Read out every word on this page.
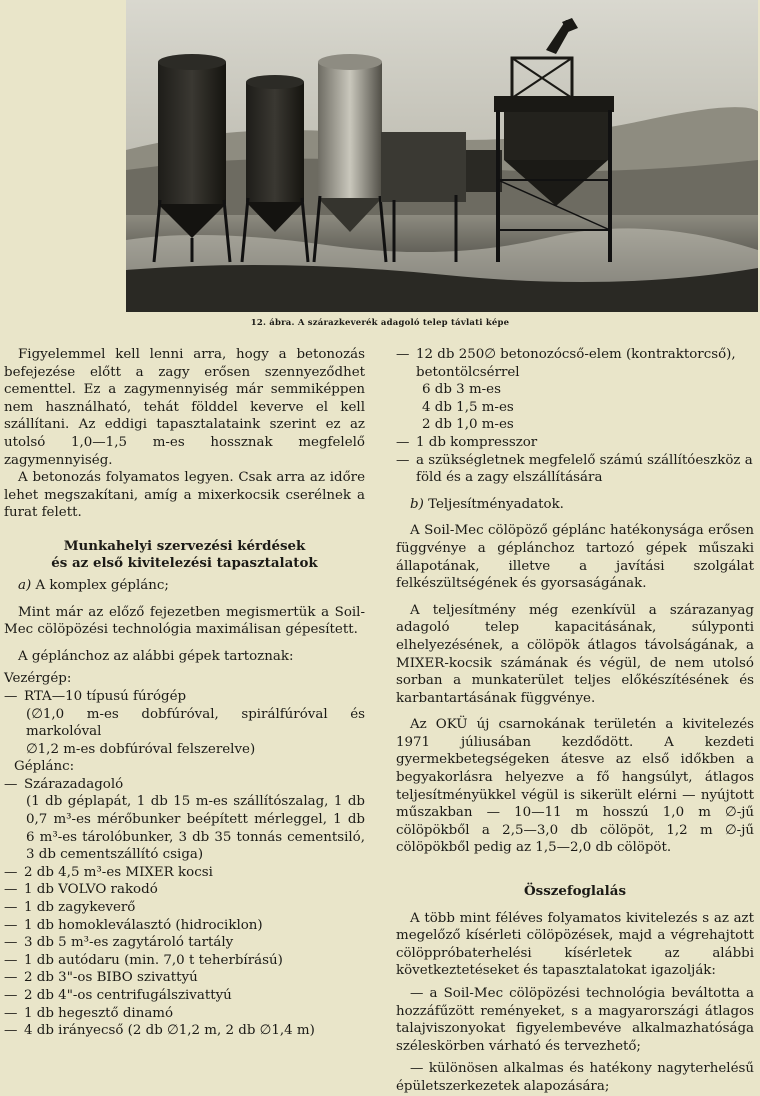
12. ábra. A szárazkeverék adagoló telep távlati képe

Figyelemmel kell lenni arra, hogy a betonozás befejezése előtt a zagy erősen szennyeződhet cementtel. Ez a zagymennyiség már semmiképpen nem használható, tehát földdel keverve el kell szállítani. Az eddigi tapasztalataink szerint ez az utolsó 1,0—1,5 m-es hossznak megfelelő zagymennyiség.

A betonozás folyamatos legyen. Csak arra az időre lehet megszakítani, amíg a mixerkocsik cserélnek a furat felett.

Munkahelyi szervezési kérdések
és az első kivitelezési tapasztalatok

a) A komplex géplánc;

Mint már az előző fejezetben megismertük a Soil-Mec cölöpözési technológia maximálisan gépesített.

A géplánchoz az alábbi gépek tartoznak:

Vezérgép:

— RTA—10 típusú fúrógép
(∅1,0 m-es dobfúróval, spirálfúróval és markolóval
∅1,2 m-es dobfúróval felszerelve)

Géplánc:

— Szárazadagoló
(1 db géplapát, 1 db 15 m-es szállítószalag, 1 db 0,7 m³-es mérőbunker beépített mérleggel, 1 db 6 m³-es tárolóbunker, 3 db 35 tonnás cementsiló, 3 db cementszállító csiga)
— 2 db 4,5 m³-es MIXER kocsi
— 1 db VOLVO rakodó
— 1 db zagykeverő
— 1 db homokleválasztó (hidrociklon)
— 3 db 5 m³-es zagytároló tartály
— 1 db autódaru (min. 7,0 t teherbírású)
— 2 db 3"-os BIBO szivattyú
— 2 db 4"-os centrifugálszivattyú
— 1 db hegesztő dinamó
— 4 db irányecső (2 db ∅1,2 m, 2 db ∅1,4 m)
— 12 db 250∅ betonozócső-elem (kontraktorcső), betontölcsérrel
6 db 3 m-es
4 db 1,5 m-es
2 db 1,0 m-es
— 1 db kompresszor
— a szükségletnek megfelelő számú szállítóeszköz a föld és a zagy elszállítására

b) Teljesítményadatok.

A Soil-Mec cölöpöző géplánc hatékonysága erősen függvénye a géplánchoz tartozó gépek műszaki állapotának, illetve a javítási szolgálat felkészültségének és gyorsaságának.

A teljesítmény még ezenkívül a szárazanyag adagoló telep kapacitásának, súlyponti elhelyezésének, a cölöpök átlagos távolságának, a MIXER-kocsik számának és végül, de nem utolsó sorban a munkaterület teljes előkészítésének és karbantartásának függvénye.

Az OKÜ új csarnokának területén a kivitelezés 1971 júliusában kezdődött. A kezdeti gyermekbetegségeken átesve az első időkben a begyakorlásra helyezve a fő hangsúlyt, átlagos teljesítményükkel végül is sikerült elérni — nyújtott műszakban — 10—11 m hosszú 1,0 m ∅-jű cölöpökből a 2,5—3,0 db cölöpöt, 1,2 m ∅-jű cölöpökből pedig az 1,5—2,0 db cölöpöt.

Összefoglalás

A több mint féléves folyamatos kivitelezés s az azt megelőző kísérleti cölöpözések, majd a végrehajtott cölöppróbaterhelési kísérletek az alábbi következtetéseket és tapasztalatokat igazolják:

— a Soil-Mec cölöpözési technológia beváltotta a hozzáfűzött reményeket, s a magyarországi átlagos talajviszonyokat figyelembevéve alkalmazhatósága széleskörben várható és tervezhető;

— különösen alkalmas és hatékony nagyterhelésű épületszerkezetek alapozására;
